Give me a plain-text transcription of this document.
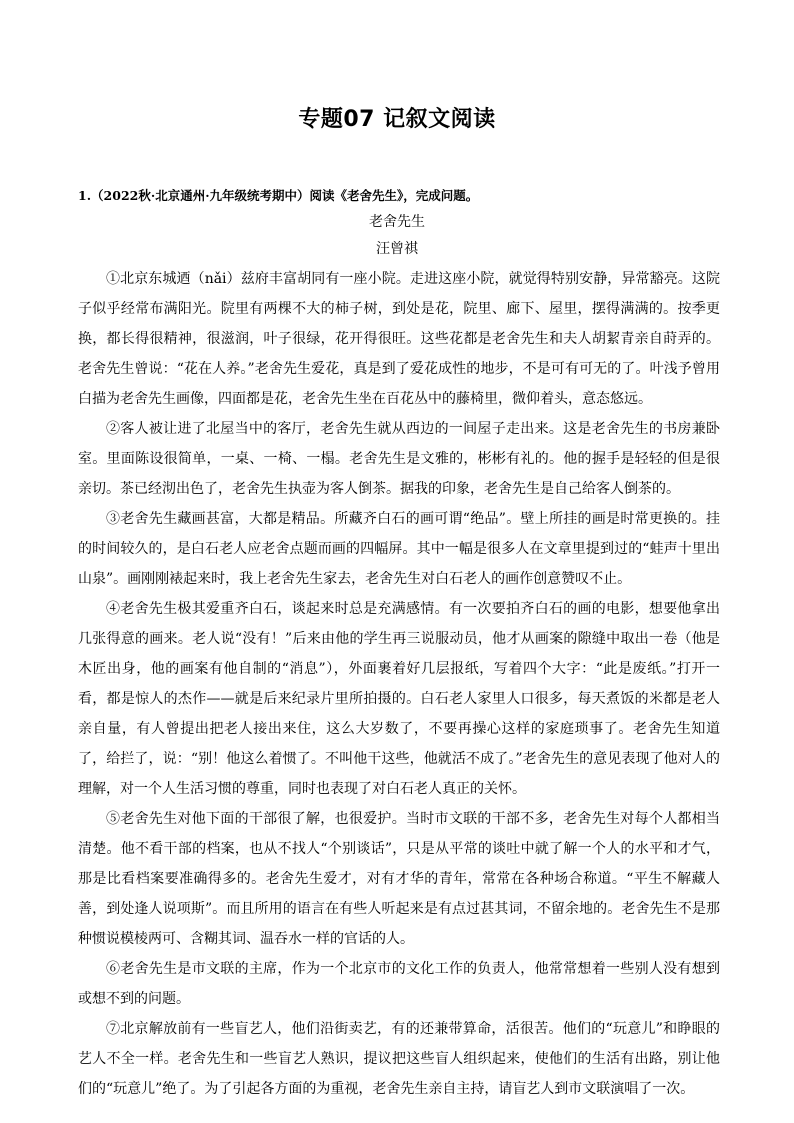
专题07 记叙文阅读
1.（2022秋·北京通州·九年级统考期中）阅读《老舍先生》，完成问题。
老舍先生
汪曾祺

①北京东城迺（nǎi）兹府丰富胡同有一座小院。走进这座小院，就觉得特别安静，异常豁亮。这院子似乎经常布满阳光。院里有两棵不大的柿子树，到处是花，院里、廊下、屋里，摆得满满的。按季更换，都长得很精神，很滋润，叶子很绿，花开得很旺。这些花都是老舍先生和夫人胡絜青亲自莳弄的。老舍先生曾说：“花在人养。”老舍先生爱花，真是到了爱花成性的地步，不是可有可无的了。叶浅予曾用白描为老舍先生画像，四面都是花，老舍先生坐在百花丛中的藤椅里，微仰着头，意态悠远。

②客人被让进了北屋当中的客厅，老舍先生就从西边的一间屋子走出来。这是老舍先生的书房兼卧室。里面陈设很简单，一桌、一椅、一榻。老舍先生是文雅的，彬彬有礼的。他的握手是轻轻的但是很亲切。茶已经沏出色了，老舍先生执壶为客人倒茶。据我的印象，老舍先生是自己给客人倒茶的。

③老舍先生藏画甚富，大都是精品。所藏齐白石的画可谓“绝品”。壁上所挂的画是时常更换的。挂的时间较久的，是白石老人应老舍点题而画的四幅屏。其中一幅是很多人在文章里提到过的“蛙声十里出山泉”。画刚刚裱起来时，我上老舍先生家去，老舍先生对白石老人的画作创意赞叹不止。

④老舍先生极其爱重齐白石，谈起来时总是充满感情。有一次要拍齐白石的画的电影，想要他拿出几张得意的画来。老人说“没有！”后来由他的学生再三说服动员，他才从画案的隙缝中取出一卷（他是木匠出身，他的画案有他自制的“消息”），外面裹着好几层报纸，写着四个大字：“此是废纸。”打开一看，都是惊人的杰作——就是后来纪录片里所拍摄的。白石老人家里人口很多，每天煮饭的米都是老人亲自量，有人曾提出把老人接出来住，这么大岁数了，不要再操心这样的家庭琐事了。老舍先生知道了，给拦了，说：“别！他这么着惯了。不叫他干这些，他就活不成了。”老舍先生的意见表现了他对人的理解，对一个人生活习惯的尊重，同时也表现了对白石老人真正的关怀。

⑤老舍先生对他下面的干部很了解，也很爱护。当时市文联的干部不多，老舍先生对每个人都相当清楚。他不看干部的档案，也从不找人“个别谈话”，只是从平常的谈吐中就了解一个人的水平和才气，那是比看档案要准确得多的。老舍先生爱才，对有才华的青年，常常在各种场合称道。“平生不解藏人善，到处逢人说项斯”。而且所用的语言在有些人听起来是有点过甚其词，不留余地的。老舍先生不是那种惯说模棱两可、含糊其词、温吞水一样的官话的人。

⑥老舍先生是市文联的主席，作为一个北京市的文化工作的负责人，他常常想着一些别人没有想到或想不到的问题。

⑦北京解放前有一些盲艺人，他们沿街卖艺，有的还兼带算命，活很苦。他们的“玩意儿”和睁眼的艺人不全一样。老舍先生和一些盲艺人熟识，提议把这些盲人组织起来，使他们的生活有出路，别让他们的“玩意儿”绝了。为了引起各方面的为重视，老舍先生亲自主持，请盲艺人到市文联演唱了一次。
